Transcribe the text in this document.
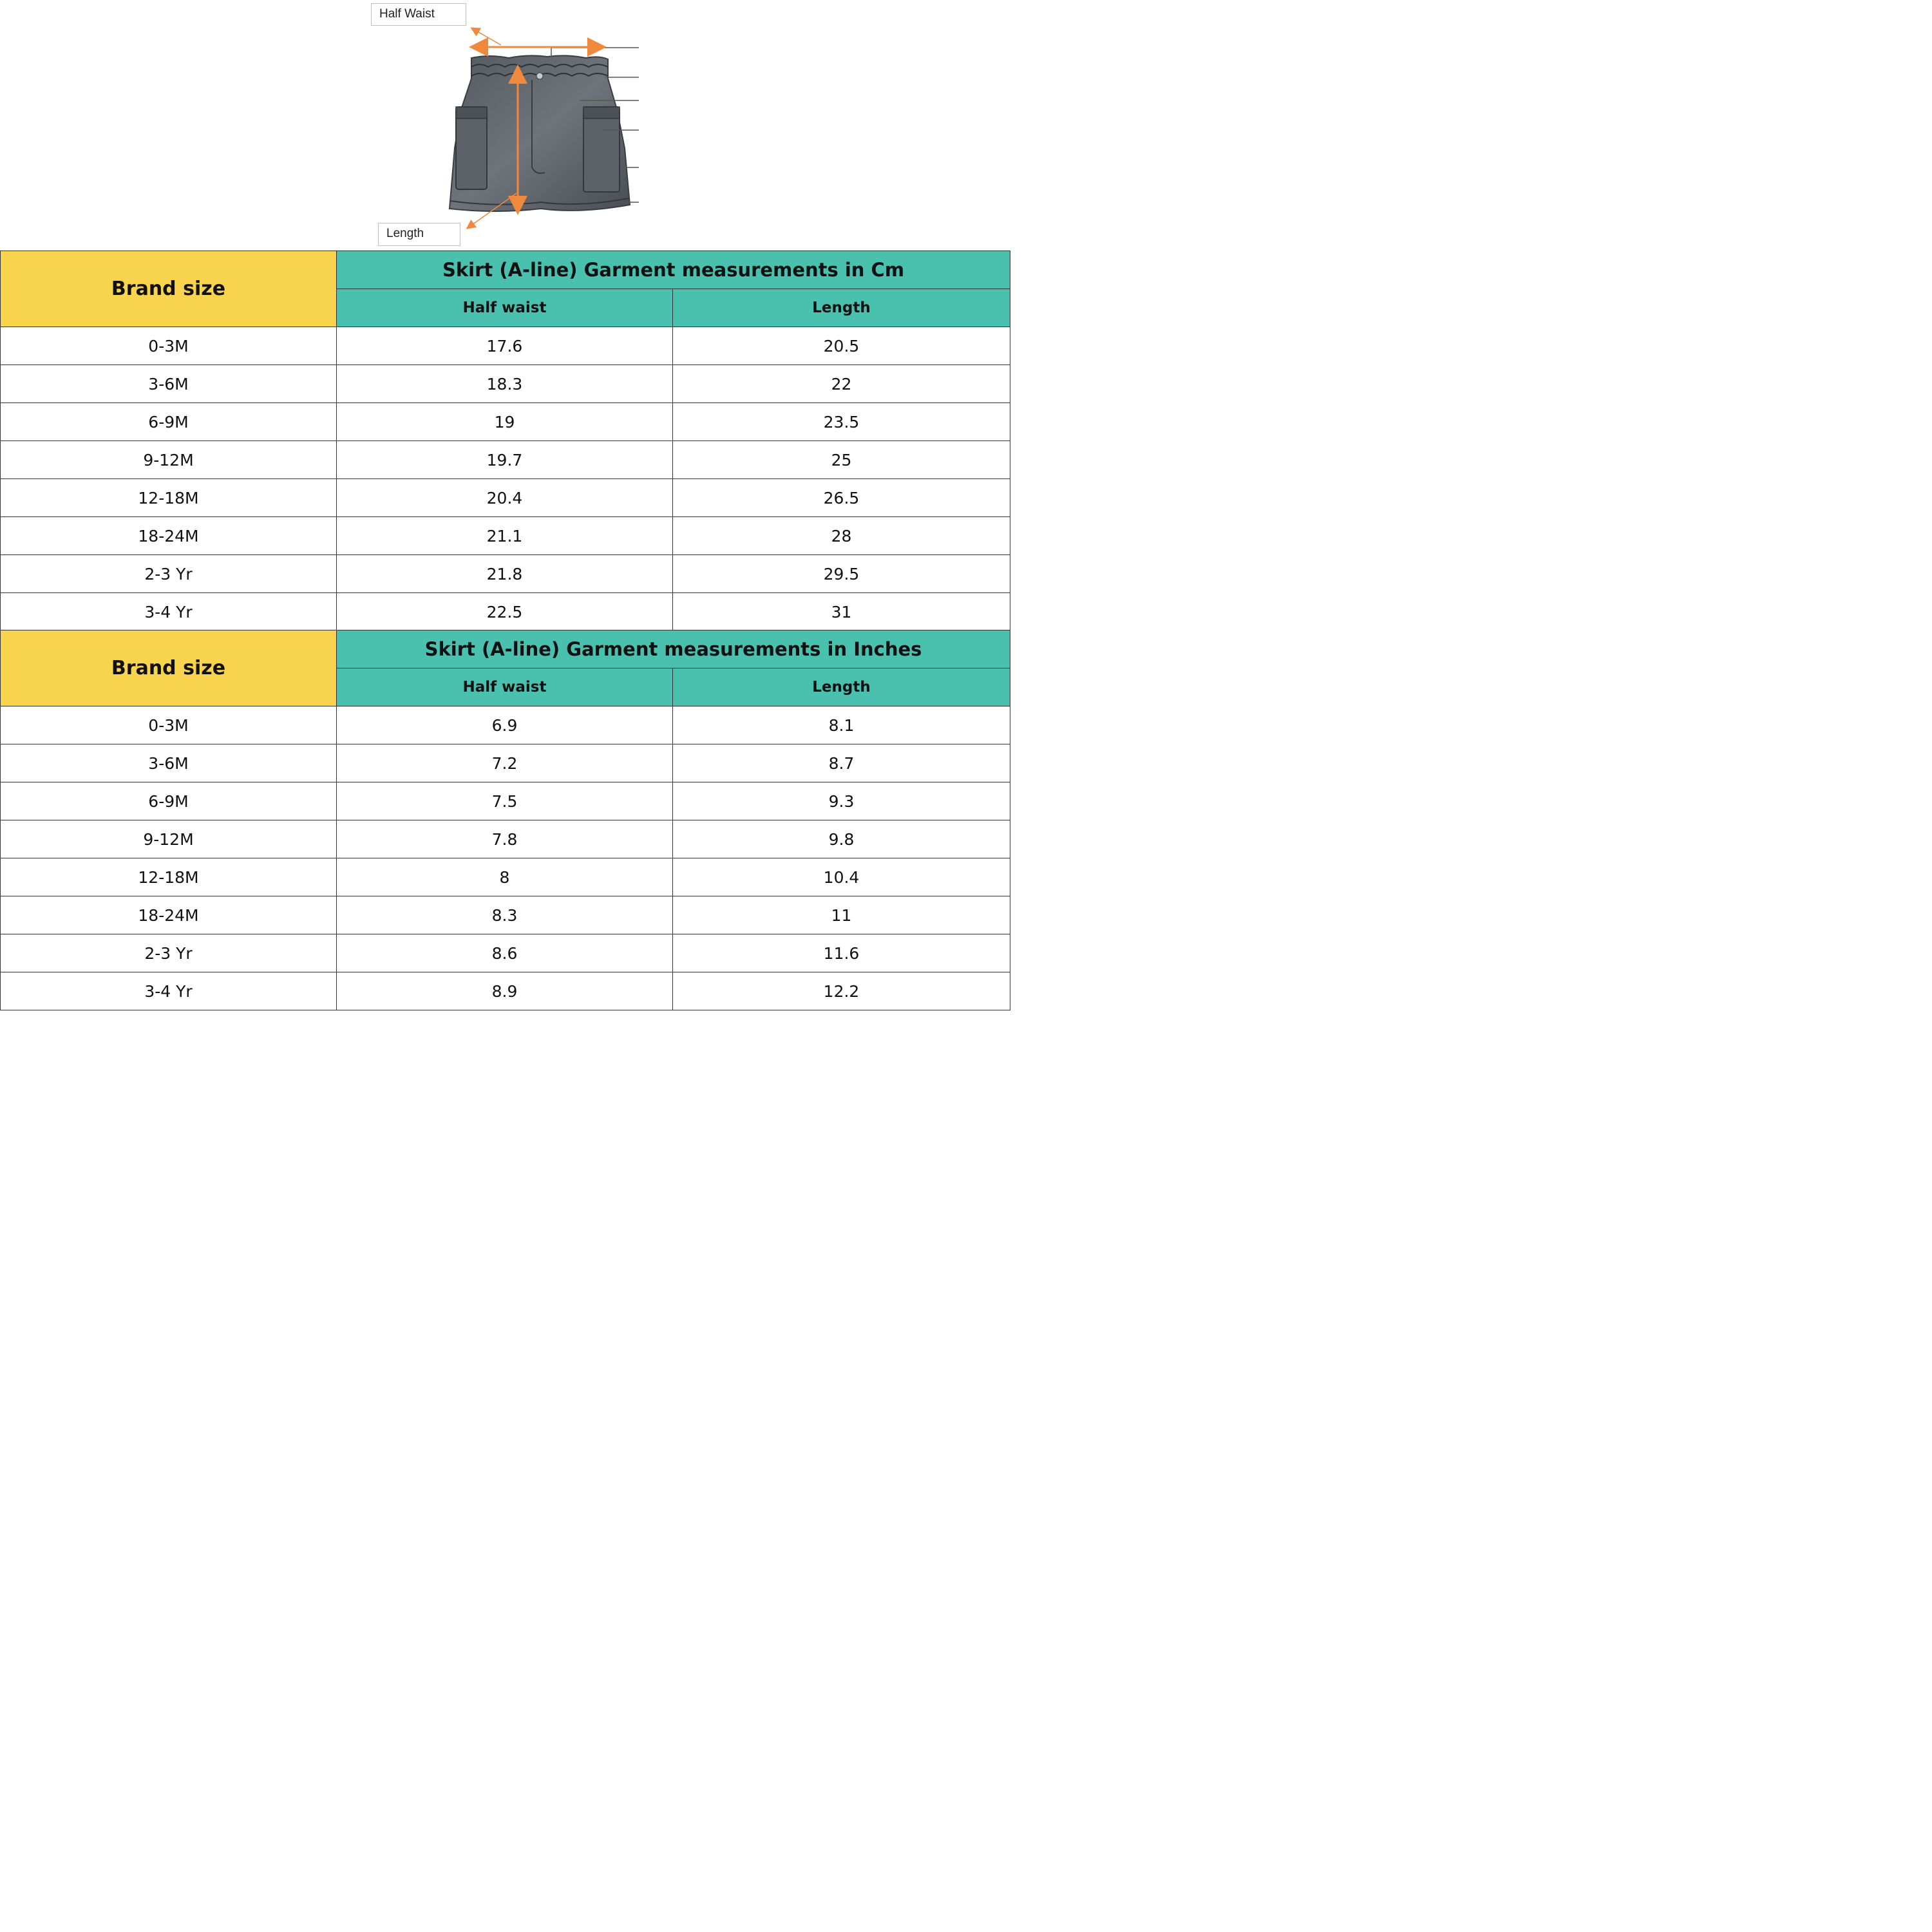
Half Waist
Length
Brand size	Skirt (A-line) Garment measurements in Cm	
	Half waist	Length
0-3M	17.6	20.5
3-6M	18.3	22
6-9M	19	23.5
9-12M	19.7	25
12-18M	20.4	26.5
18-24M	21.1	28
2-3 Yr	21.8	29.5
3-4 Yr	22.5	31
Brand size	Skirt (A-line) Garment measurements in Inches	
	Half waist	Length
0-3M	6.9	8.1
3-6M	7.2	8.7
6-9M	7.5	9.3
9-12M	7.8	9.8
12-18M	8	10.4
18-24M	8.3	11
2-3 Yr	8.6	11.6
3-4 Yr	8.9	12.2
